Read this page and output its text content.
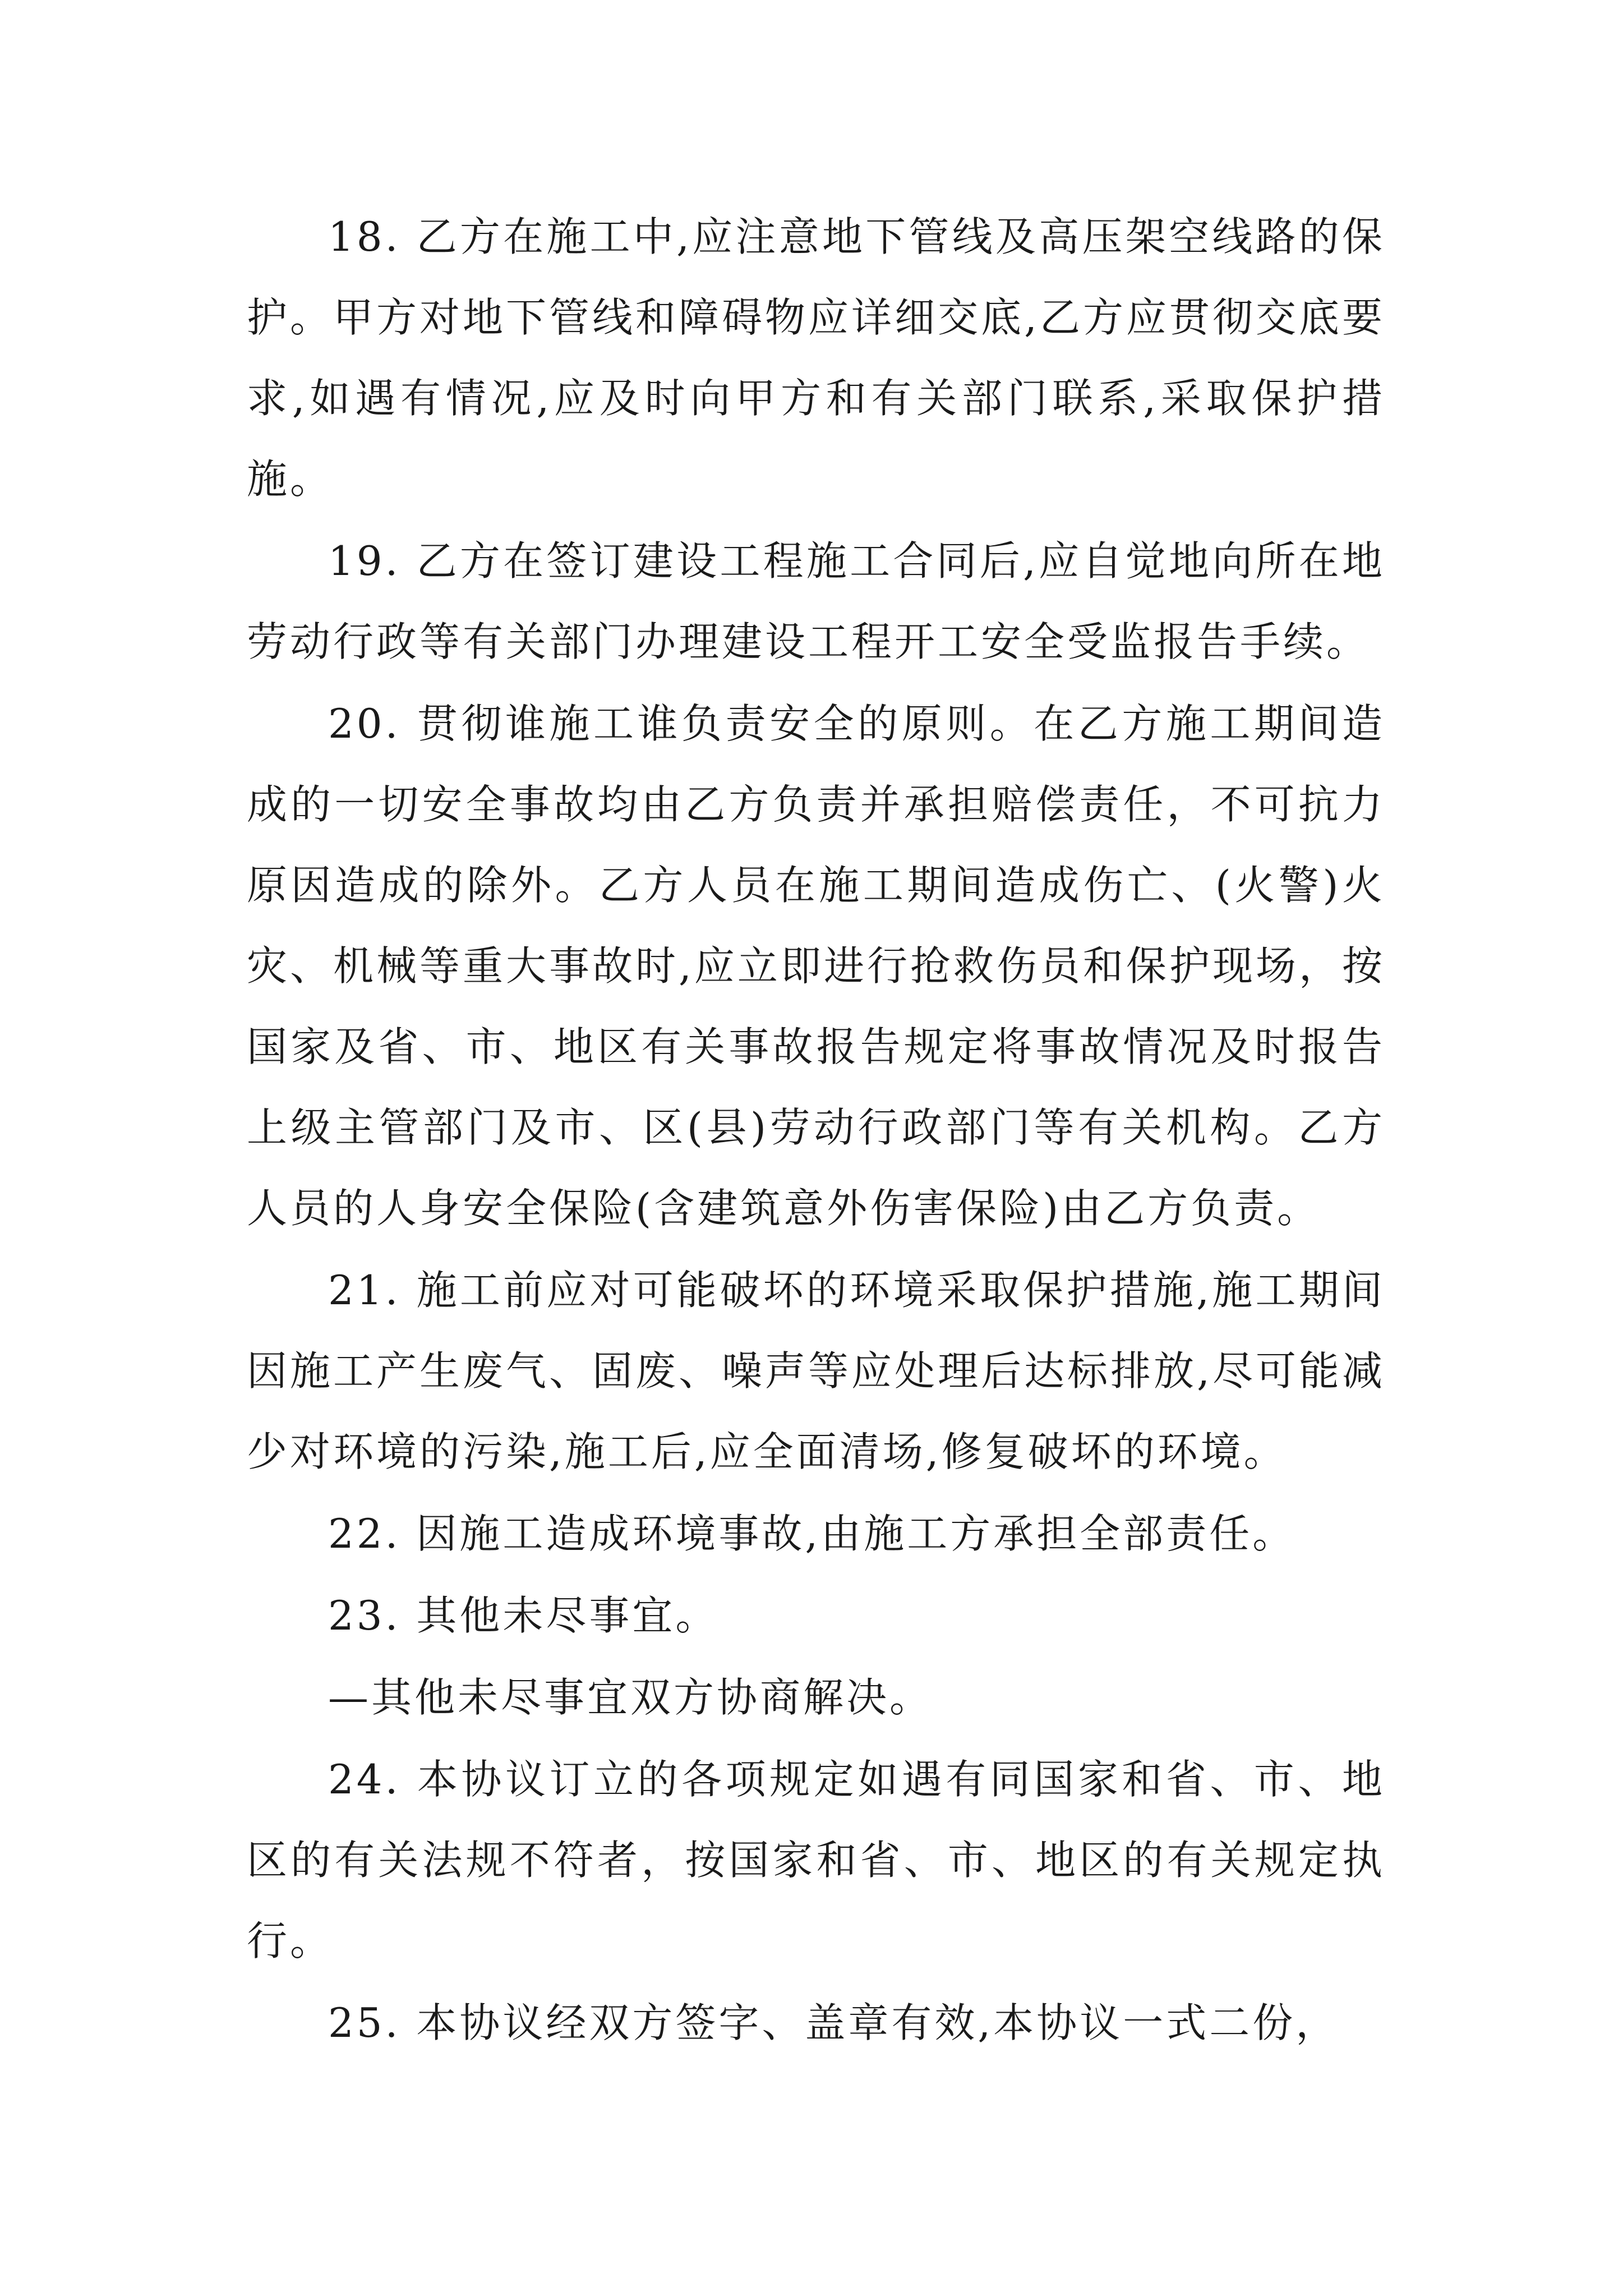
18. 乙方在施工中,应注意地下管线及高压架空线路的保护。甲方对地下管线和障碍物应详细交底,乙方应贯彻交底要求,如遇有情况,应及时向甲方和有关部门联系,采取保护措施。

19. 乙方在签订建设工程施工合同后,应自觉地向所在地劳动行政等有关部门办理建设工程开工安全受监报告手续。

20. 贯彻谁施工谁负责安全的原则。在乙方施工期间造成的一切安全事故均由乙方负责并承担赔偿责任，不可抗力原因造成的除外。乙方人员在施工期间造成伤亡、(火警)火灾、机械等重大事故时,应立即进行抢救伤员和保护现场，按国家及省、市、地区有关事故报告规定将事故情况及时报告上级主管部门及市、区(县)劳动行政部门等有关机构。乙方人员的人身安全保险(含建筑意外伤害保险)由乙方负责。

21. 施工前应对可能破坏的环境采取保护措施,施工期间因施工产生废气、固废、噪声等应处理后达标排放,尽可能减少对环境的污染,施工后,应全面清场,修复破坏的环境。

22. 因施工造成环境事故,由施工方承担全部责任。

23. 其他未尽事宜。

—其他未尽事宜双方协商解决。

24. 本协议订立的各项规定如遇有同国家和省、市、地区的有关法规不符者，按国家和省、市、地区的有关规定执行。

25. 本协议经双方签字、盖章有效,本协议一式二份，
